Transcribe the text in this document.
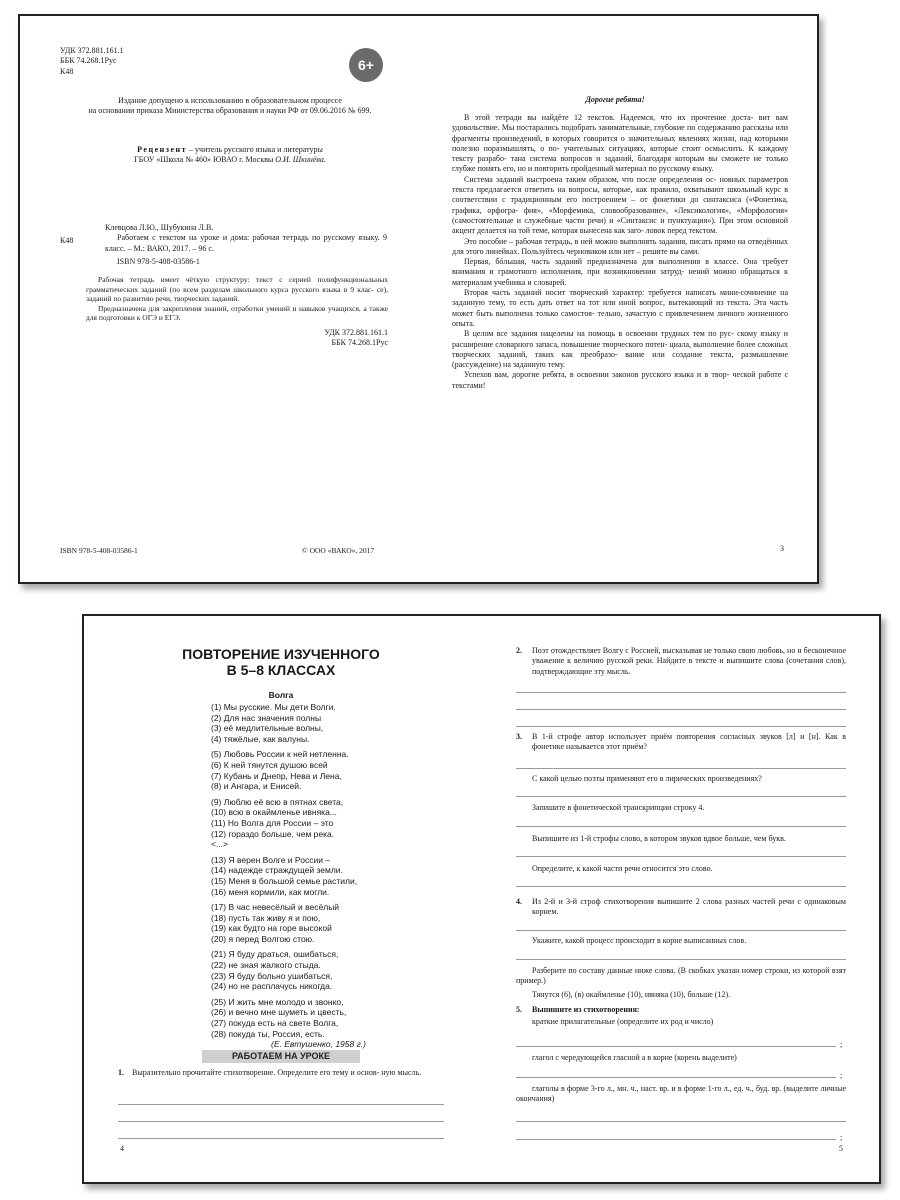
УДК 372.881.161.1
ББК 74.268.1Рус
К48	6+
Издание допущено к использованию в образовательном процессе
на основании приказа Министерства образования и науки РФ от 09.06.2016 № 699.
Рецензент – учитель русского языка и литературы
ГБОУ «Школа № 460» ЮВАО г. Москвы О.И. Шкинёва.
К48
Клевцова Л.Ю., Шубукина Л.В.
Работаем с текстом на уроке и дома: рабочая тетрадь по русскому языку. 9 класс. – М.: ВАКО, 2017. – 96 с.
ISBN 978-5-408-03586-1

Рабочая тетрадь имеет чёткую структуру: текст с серией полифункциональных грамматических заданий (по всем разделам школьного курса русского языка в 9 клас- се), заданий по развитию речи, творческих заданий.

Предназначена для закрепления знаний, отработки умений и навыков учащихся, а также для подготовки к ОГЭ и ЕГЭ.

УДК 372.881.161.1
ББК 74.268.1Рус
ISBN 978-5-408-03586-1	© ООО «ВАКО», 2017
Дорогие ребята!

В этой тетради вы найдёте 12 текстов. Надеемся, что их прочтение доста- вит вам удовольствие. Мы постарались подобрать занимательные, глубокие по содержанию рассказы или фрагменты произведений, в которых говорится о значительных явлениях жизни, над которыми полезно поразмышлять, о по- учительных ситуациях, которые стоит осмыслить. К каждому тексту разрабо- тана система вопросов и заданий, благодаря которым вы сможете не только глубже понять его, но и повторить пройденный материал по русскому языку.

Система заданий выстроена таким образом, что после определения ос- новных параметров текста предлагается ответить на вопросы, которые, как правило, охватывают школьный курс в соответствии с традиционным его построением – от фонетики до синтаксиса («Фонетика, графика, орфогра- фия», «Морфемика, словообразование», «Лексикология», «Морфология» (самостоятельные и служебные части речи) и «Синтаксис и пунктуация»). При этом основной акцент делается на той теме, которая вынесена как заго- ловок перед текстом.

Это пособие – рабочая тетрадь, в ней можно выполнять задания, писать прямо на отведённых для этого линейках. Пользуйтесь черновиком или нет – решите вы сами.

Первая, бóльшая, часть заданий предназначена для выполнения в классе. Она требует внимания и грамотного исполнения, при возникновении затруд- нений можно обращаться к материалам учебника и словарей.

Вторая часть заданий носит творческий характер: требуется написать мини-сочинение на заданную тему, то есть дать ответ на тот или иной вопрос, вытекающий из текста. Эта часть может быть выполнена только самостоя- тельно, зачастую с привлечением личного жизненного опыта.

В целом все задания нацелены на помощь в освоении трудных тем по рус- скому языку и расширение словарного запаса, повышение творческого потен- циала, выполнение более сложных творческих заданий, таких как преобразо- вание или создание текста, размышление (рассуждение) на заданную тему.

Успехов вам, дорогие ребята, в освоении законов русского языка и в твор- ческой работе с текстами!

3
ПОВТОРЕНИЕ ИЗУЧЕННОГО
В 5–8 КЛАССАХ
Волга
(1) Мы русские. Мы дети Волги.
(2) Для нас значения полны
(3) её медлительные волны,
(4) тяжёлые, как валуны.
(5) Любовь России к ней нетленна.
(6) К ней тянутся душою всей
(7) Кубань и Днепр, Нева и Лена,
(8) и Ангара, и Енисей.
(9) Люблю её всю в пятнах света,
(10) всю в окаймленье ивняка...
(11) Но Волга для России – это
(12) гораздо больше, чем река.
<...>
(13) Я верен Волге и России –
(14) надежде страждущей земли.
(15) Меня в большой семье растили,
(16) меня кормили, как могли.
(17) В час невесёлый и весёлый
(18) пусть так живу я и пою,
(19) как будто на горе высокой
(20) я перед Волгою стою.
(21) Я буду драться, ошибаться,
(22) не зная жалкого стыда.
(23) Я буду больно ушибаться,
(24) но не расплачусь никогда.
(25) И жить мне молодо и звонко,
(26) и вечно мне шуметь и цвесть,
(27) покуда есть на свете Волга,
(28) покуда ты, Россия, есть.
(Е. Евтушенко, 1958 г.)
РАБОТАЕМ НА УРОКЕ
1. Выразительно прочитайте стихотворение. Определите его тему и основ- ную мысль.
4
2. Поэт отождествляет Волгу с Россией, высказывая не только свою любовь, но и бесконечное уважение к величию русской реки. Найдите в тексте и выпишите слова (сочетания слов), подтверждающие эту мысль.
3. В 1-й строфе автор использует приём повторения согласных звуков [л] и [н]. Как в фонетике называется этот приём?
С какой целью поэты применяют его в лирических произведениях?
Запишите в фонетической транскрипции строку 4.
Выпишите из 1-й строфы слово, в котором звуков вдвое больше, чем букв.
Определите, к какой части речи относится это слово.
4. Из 2-й и 3-й строф стихотворения выпишите 2 слова разных частей речи с одинаковым корнем.
Укажите, какой процесс происходит в корне выписанных слов.
Разберите по составу данные ниже слова. (В скобках указан номер строки, из которой взят пример.)
Тянутся (6), (в) окаймленье (10), ивняка (10), больше (12).
5. Выпишите из стихотворения:
краткие прилагательные (определите их род и число)
;
глагол с чередующейся гласной а в корне (корень выделите)
;
глаголы в форме 3-го л., мн. ч., наст. вр. и в форме 1-го л., ед. ч., буд. вр. (выделите личные окончания)
;
5
